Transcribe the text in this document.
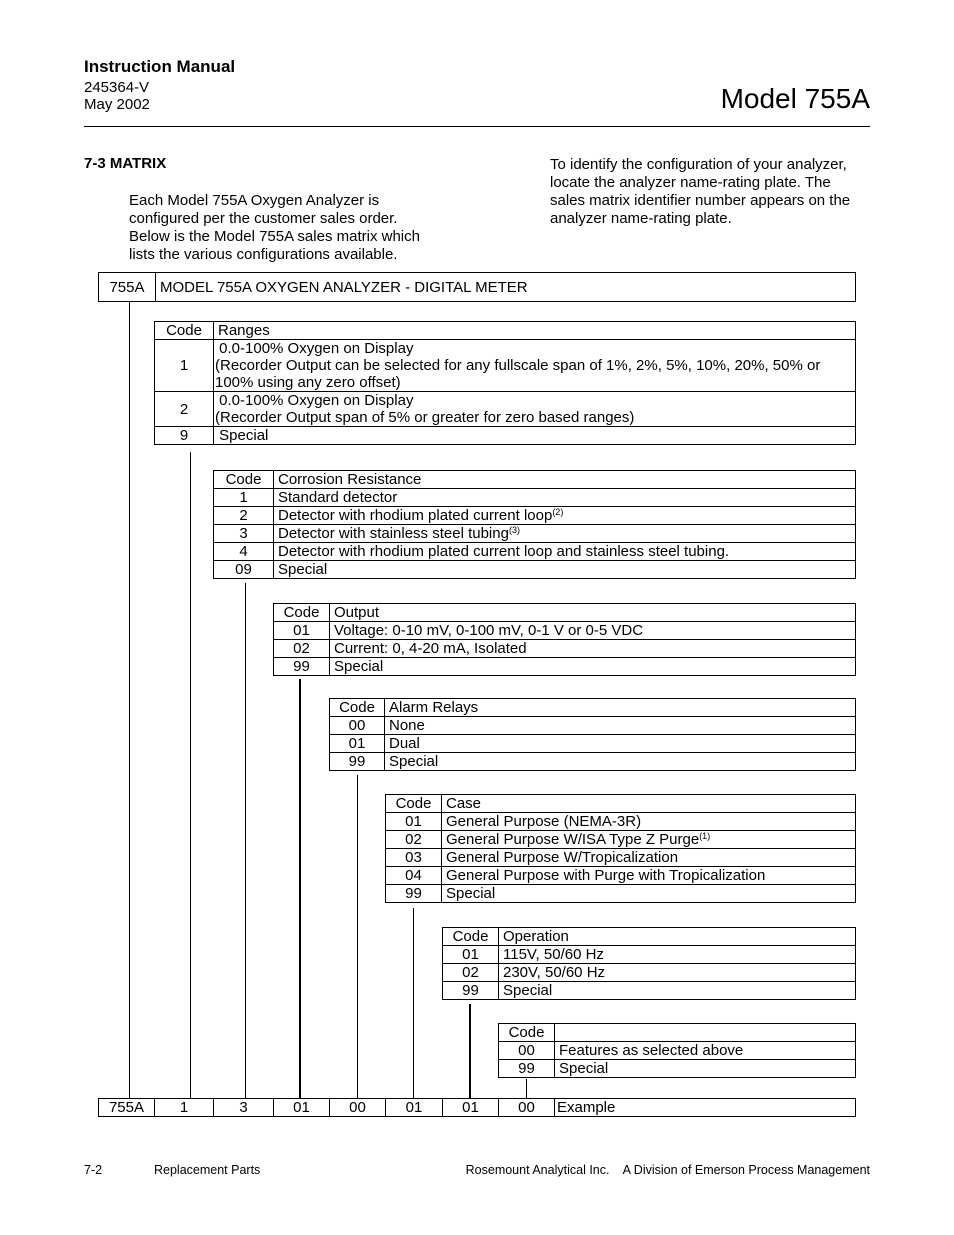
Instruction Manual
245364-V
May 2002	Model 755A
7-3 MATRIX
Each Model 755A Oxygen Analyzer is
configured per the customer sales order.
Below is the Model 755A sales matrix which
lists the various configurations available.
To identify the configuration of your analyzer,
locate the analyzer name-rating plate. The
sales matrix identifier number appears on the
analyzer name-rating plate.
755A	MODEL 755A OXYGEN ANALYZER - DIGITAL METER
Code	Ranges
1	0.0-100% Oxygen on Display
(Recorder Output can be selected for any fullscale span of 1%, 2%, 5%, 10%, 20%, 50% or
100% using any zero offset)

2	0.0-100% Oxygen on Display
(Recorder Output span of 5% or greater for zero based ranges)

9	Special
Code	Corrosion Resistance
1	Standard detector
2	Detector with rhodium plated current loop$^{(2)}$
3	Detector with stainless steel tubing$^{(3)}$
4	Detector with rhodium plated current loop and stainless steel tubing.
09	Special
Code	Output
01	Voltage: 0-10 mV, 0-100 mV, 0-1 V or 0-5 VDC
02	Current: 0, 4-20 mA, Isolated
99	Special
Code	Alarm Relays
00	None
01	Dual
99	Special
Code	Case
01	General Purpose (NEMA-3R)
02	General Purpose W/ISA Type Z Purge$^{(1)}$
03	General Purpose W/Tropicalization
04	General Purpose with Purge with Tropicalization
99	Special
Code	Operation
01	115V, 50/60 Hz
02	230V, 50/60 Hz
99	Special
Code	
00	Features as selected above
99	Special
755A	1	3	01	00	01	01	00	Example
7-2	Replacement Parts	Rosemount Analytical Inc.    A Division of Emerson Process Management
